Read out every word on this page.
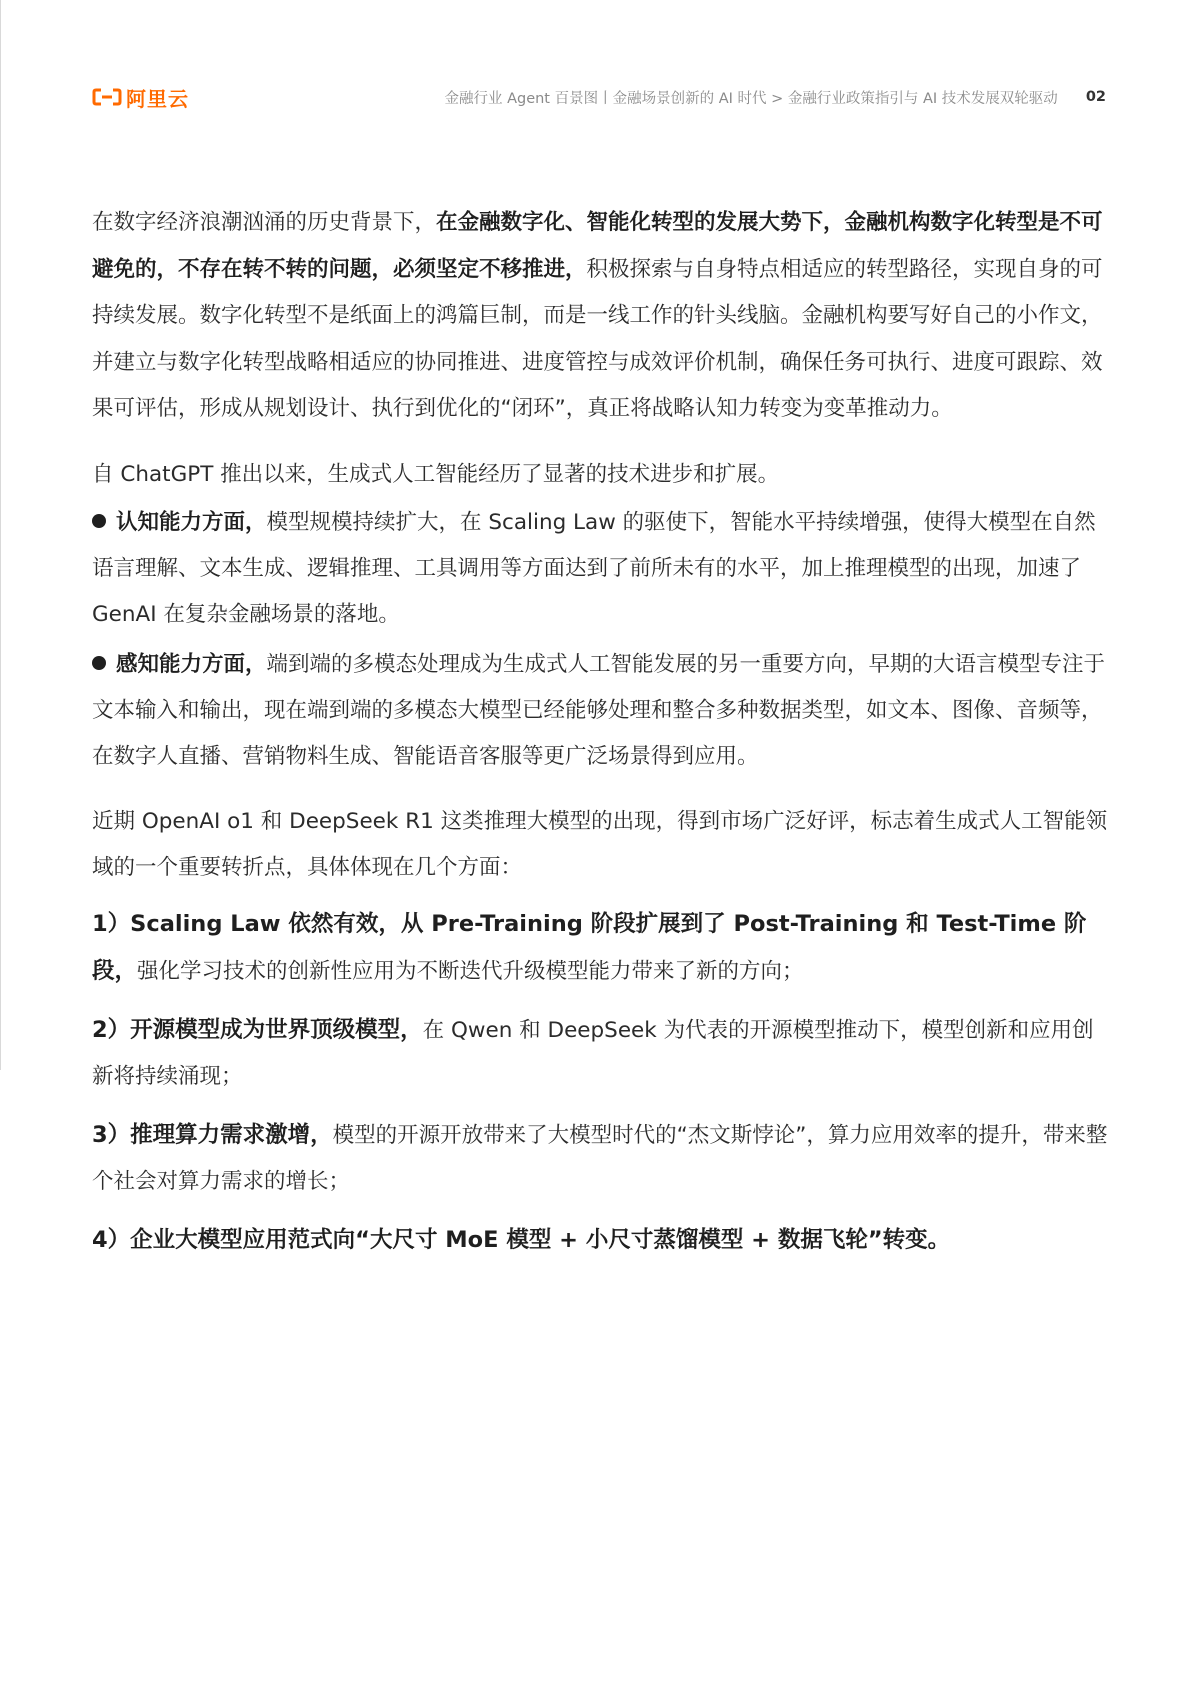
阿里云	金融行业 Agent 百景图丨金融场景创新的 AI 时代 > 金融行业政策指引与 AI 技术发展双轮驱动 02

在数字经济浪潮汹涌的历史背景下，在金融数字化、智能化转型的发展大势下，金融机构数字化转型是不可避免的，不存在转不转的问题，必须坚定不移推进，积极探索与自身特点相适应的转型路径，实现自身的可持续发展。数字化转型不是纸面上的鸿篇巨制，而是一线工作的针头线脑。金融机构要写好自己的小作文，并建立与数字化转型战略相适应的协同推进、进度管控与成效评价机制，确保任务可执行、进度可跟踪、效果可评估，形成从规划设计、执行到优化的“闭环”，真正将战略认知力转变为变革推动力。

自 ChatGPT 推出以来，生成式人工智能经历了显著的技术进步和扩展。

认知能力方面，模型规模持续扩大，在 Scaling Law 的驱使下，智能水平持续增强，使得大模型在自然语言理解、文本生成、逻辑推理、工具调用等方面达到了前所未有的水平，加上推理模型的出现，加速了 GenAI 在复杂金融场景的落地。

感知能力方面，端到端的多模态处理成为生成式人工智能发展的另一重要方向，早期的大语言模型专注于文本输入和输出，现在端到端的多模态大模型已经能够处理和整合多种数据类型，如文本、图像、音频等，在数字人直播、营销物料生成、智能语音客服等更广泛场景得到应用。

近期 OpenAI o1 和 DeepSeek R1 这类推理大模型的出现，得到市场广泛好评，标志着生成式人工智能领域的一个重要转折点，具体体现在几个方面：

1）Scaling Law 依然有效，从 Pre-Training 阶段扩展到了 Post-Training 和 Test-Time 阶段，强化学习技术的创新性应用为不断迭代升级模型能力带来了新的方向；

2）开源模型成为世界顶级模型，在 Qwen 和 DeepSeek 为代表的开源模型推动下，模型创新和应用创新将持续涌现；

3）推理算力需求激增，模型的开源开放带来了大模型时代的“杰文斯悖论”，算力应用效率的提升，带来整个社会对算力需求的增长；

4）企业大模型应用范式向“大尺寸 MoE 模型 + 小尺寸蒸馏模型 + 数据飞轮”转变。
